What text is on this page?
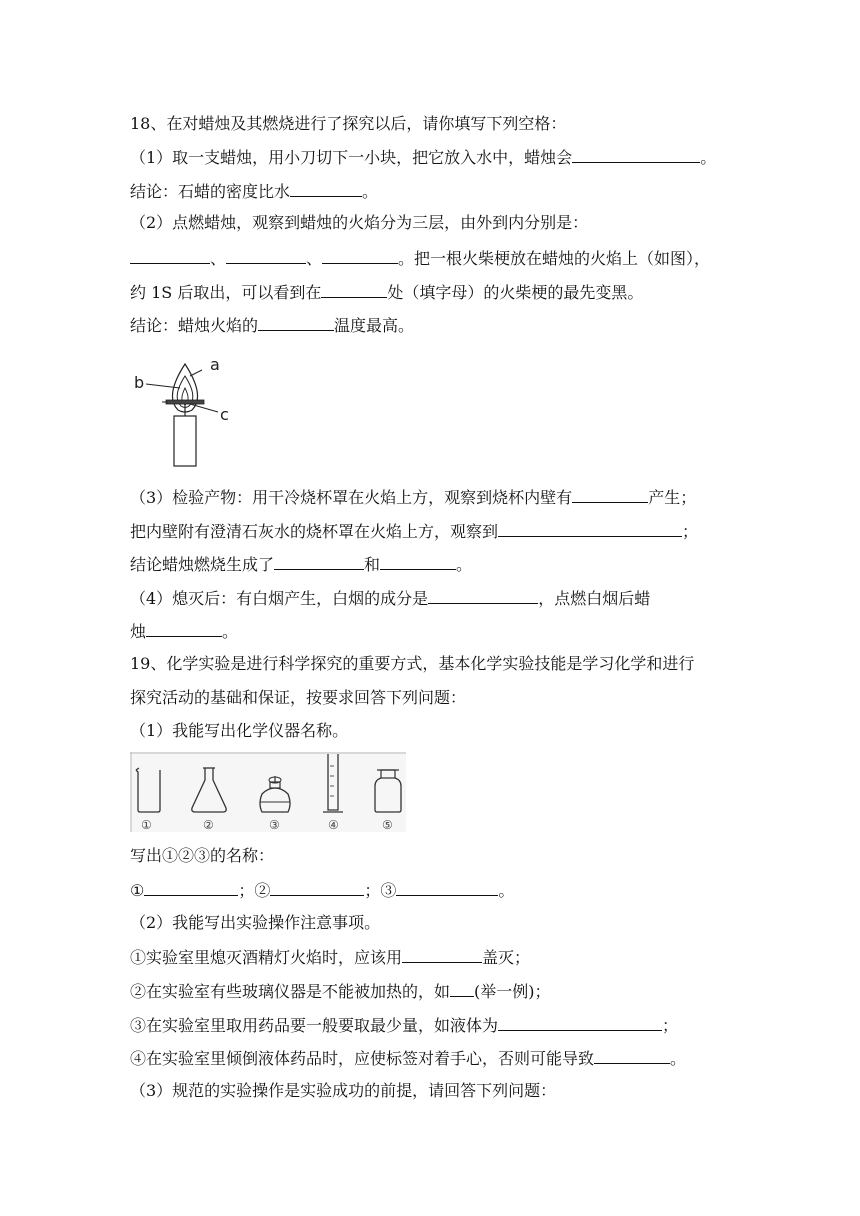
18、在对蜡烛及其燃烧进行了探究以后，请你填写下列空格：
（1）取一支蜡烛，用小刀切下一小块，把它放入水中，蜡烛会	。
结论：石蜡的密度比水	。
（2）点燃蜡烛，观察到蜡烛的火焰分为三层，由外到内分别是：
、	、	。把一根火柴梗放在蜡烛的火焰上（如图），
约 1S 后取出，可以看到在	处（填字母）的火柴梗的最先变黑。
结论：蜡烛火焰的	温度最高。
a
b
c
（3）检验产物：用干冷烧杯罩在火焰上方，观察到烧杯内壁有	产生；
把内壁附有澄清石灰水的烧杯罩在火焰上方，观察到	；
结论蜡烛燃烧生成了	和	。
（4）熄灭后：有白烟产生，白烟的成分是	，点燃白烟后蜡
烛	。
19、化学实验是进行科学探究的重要方式，基本化学实验技能是学习化学和进行
探究活动的基础和保证，按要求回答下列问题：
（1）我能写出化学仪器名称。
①	②	③	④	⑤
写出①②③的名称：
①	；②	；③	。
（2）我能写出实验操作注意事项。
①实验室里熄灭酒精灯火焰时，应该用	盖灭；
②在实验室有些玻璃仪器是不能被加热的，如 (举一例)；
③在实验室里取用药品要一般要取最少量，如液体为	；
④在实验室里倾倒液体药品时，应使标签对着手心，否则可能导致	。
（3）规范的实验操作是实验成功的前提，请回答下列问题：
